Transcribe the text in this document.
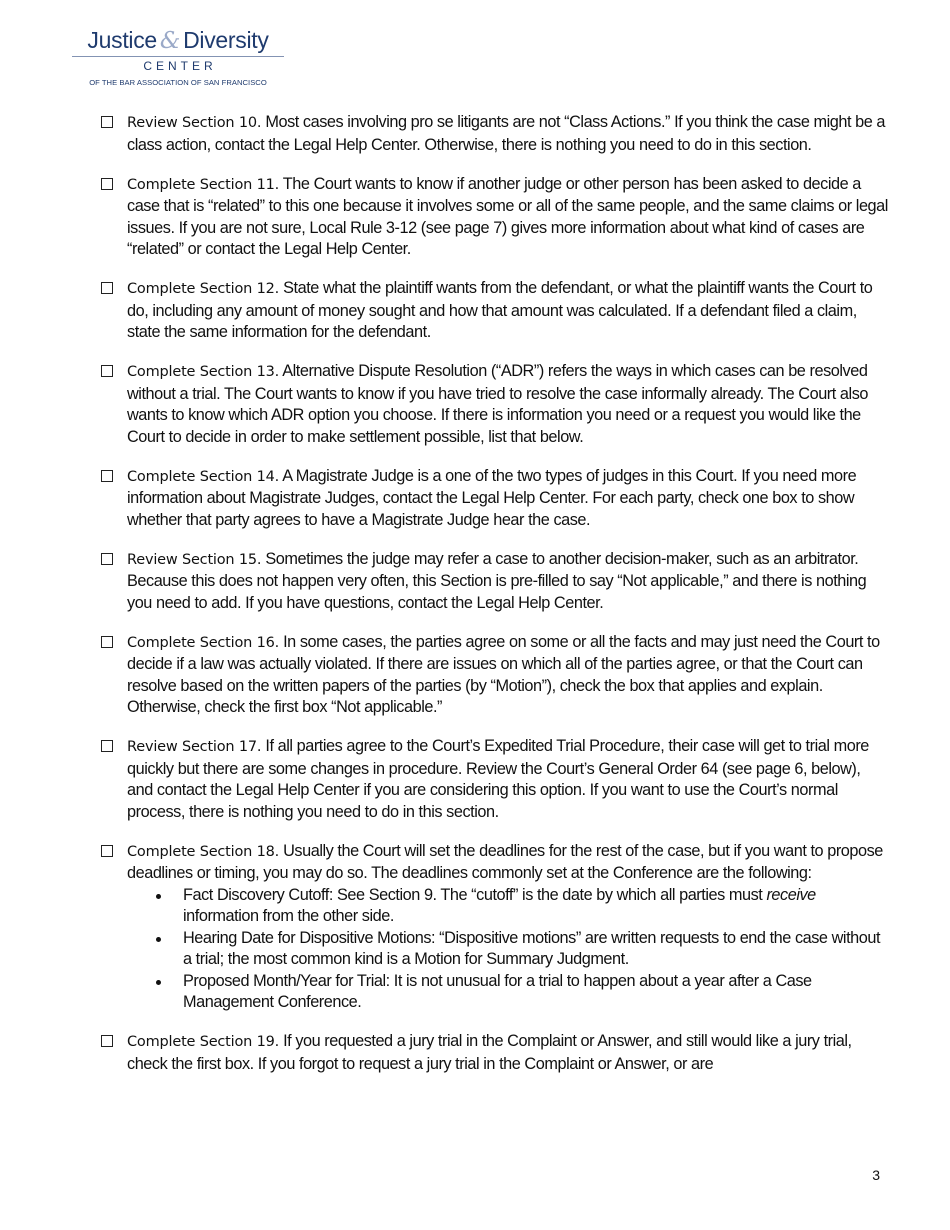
Justice & Diversity
CENTER
OF THE BAR ASSOCIATION OF SAN FRANCISCO
Review Section 10. Most cases involving pro se litigants are not “Class Actions.” If you think the case might be a class action, contact the Legal Help Center. Otherwise, there is nothing you need to do in this section.
Complete Section 11. The Court wants to know if another judge or other person has been asked to decide a case that is “related” to this one because it involves some or all of the same people, and the same claims or legal issues. If you are not sure, Local Rule 3-12 (see page 7) gives more information about what kind of cases are “related” or contact the Legal Help Center.
Complete Section 12. State what the plaintiff wants from the defendant, or what the plaintiff wants the Court to do, including any amount of money sought and how that amount was calculated. If a defendant filed a claim, state the same information for the defendant.
Complete Section 13. Alternative Dispute Resolution (“ADR”) refers the ways in which cases can be resolved without a trial. The Court wants to know if you have tried to resolve the case informally already. The Court also wants to know which ADR option you choose. If there is information you need or a request you would like the Court to decide in order to make settlement possible, list that below.
Complete Section 14. A Magistrate Judge is a one of the two types of judges in this Court. If you need more information about Magistrate Judges, contact the Legal Help Center. For each party, check one box to show whether that party agrees to have a Magistrate Judge hear the case.
Review Section 15. Sometimes the judge may refer a case to another decision-maker, such as an arbitrator. Because this does not happen very often, this Section is pre-filled to say “Not applicable,” and there is nothing you need to add. If you have questions, contact the Legal Help Center.
Complete Section 16. In some cases, the parties agree on some or all the facts and may just need the Court to decide if a law was actually violated. If there are issues on which all of the parties agree, or that the Court can resolve based on the written papers of the parties (by “Motion”), check the box that applies and explain. Otherwise, check the first box “Not applicable.”
Review Section 17. If all parties agree to the Court’s Expedited Trial Procedure, their case will get to trial more quickly but there are some changes in procedure. Review the Court’s General Order 64 (see page 6, below), and contact the Legal Help Center if you are considering this option. If you want to use the Court’s normal process, there is nothing you need to do in this section.
Complete Section 18. Usually the Court will set the deadlines for the rest of the case, but if you want to propose deadlines or timing, you may do so. The deadlines commonly set at the Conference are the following:
Fact Discovery Cutoff: See Section 9. The “cutoff” is the date by which all parties must receive information from the other side.
Hearing Date for Dispositive Motions: “Dispositive motions” are written requests to end the case without a trial; the most common kind is a Motion for Summary Judgment.
Proposed Month/Year for Trial: It is not unusual for a trial to happen about a year after a Case Management Conference.
Complete Section 19. If you requested a jury trial in the Complaint or Answer, and still would like a jury trial, check the first box. If you forgot to request a jury trial in the Complaint or Answer, or are
3
